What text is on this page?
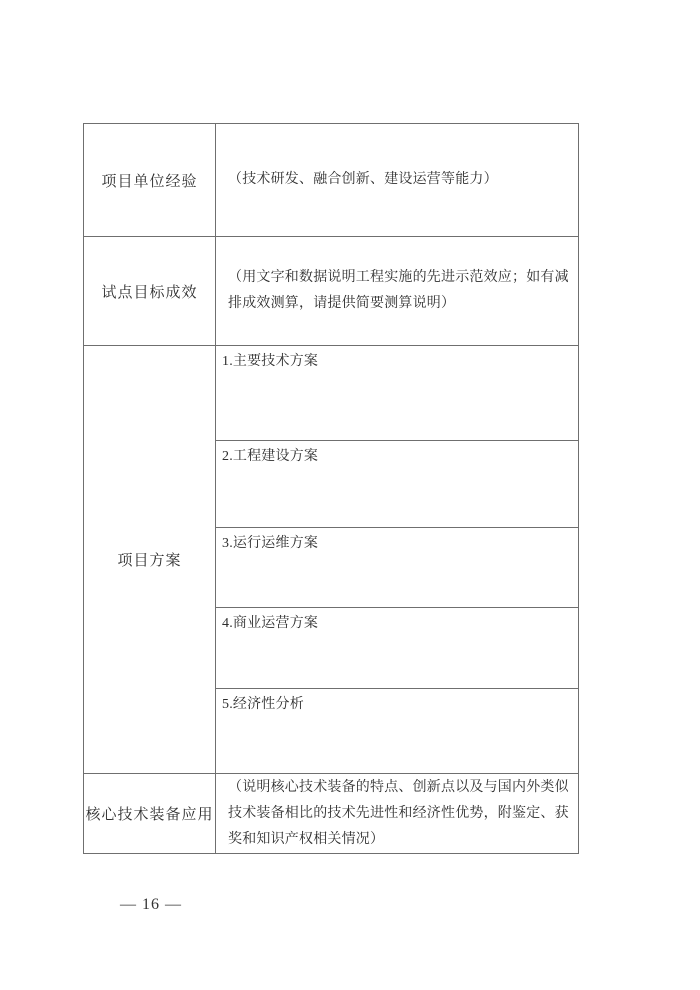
项目单位经验 （技术研发、融合创新、建设运营等能力）
试点目标成效
（用文字和数据说明工程实施的先进示范效应；如有减排成效测算，请提供简要测算说明）
项目方案
1.主要技术方案
2.工程建设方案
3.运行运维方案
4.商业运营方案
5.经济性分析
核心技术装备应用
（说明核心技术装备的特点、创新点以及与国内外类似技术装备相比的技术先进性和经济性优势，附鉴定、获奖和知识产权相关情况）
— 16 —
